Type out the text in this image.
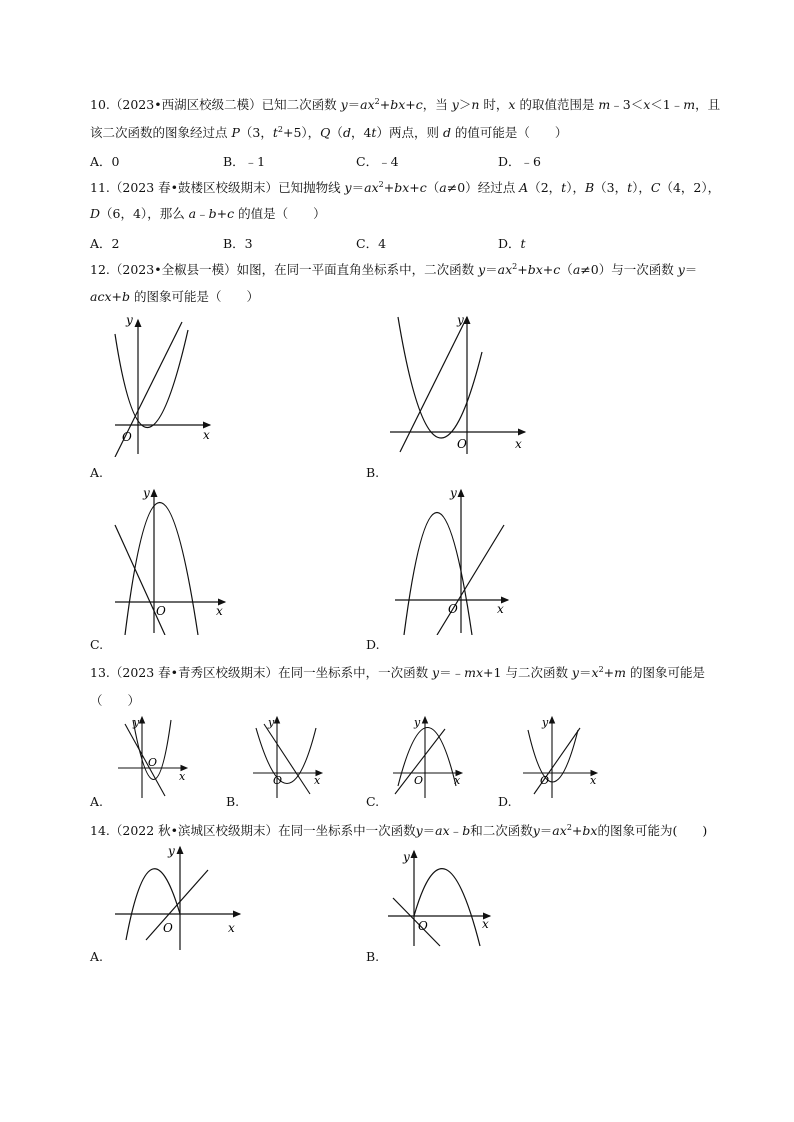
10.（2023•西湖区校级二模）已知二次函数 $y=ax^2+bx+c$，当 y＞n 时，x 的取值范围是 m﹣3＜x＜1﹣m，且
该二次函数的图象经过点 P（3，$t^2+5$），Q（d，4t）两点，则 d 的值可能是（　　）
A．0	B．﹣1	C．﹣4	D．﹣6
11.（2023 春•鼓楼区校级期末）已知抛物线 $y=ax^2+bx+c(a\ne 0)$经过点 A（2，t），B（3，t），C（4，2），
D（6，4），那么 a﹣b+c 的值是（　　）
A．2	B．3	C．4	D．t
12.（2023•全椒县一模）如图，在同一平面直角坐标系中，二次函数 $y=ax^2+bx+c(a\ne 0)$与一次函数 y＝
acx+b 的图象可能是（　　）
y
x
O
A.
y
x
O
B.
y
x
O
C.
y
x
O
D.
13.（2023 春•青秀区校级期末）在同一坐标系中，一次函数 y＝﹣mx+1 与二次函数 $y=x^2+m$ 的图象可能是
（　　）
y
x
O
A.
y
x
O
B.
y
x
O
C.
y
x
O
D.
14.（2022 秋•滨城区校级期末）在同一坐标系中一次函数y＝ax﹣b和二次函数$y=ax^2+bx$的图象可能为(　　)
y
x
O
A.
y
x
O
B.
